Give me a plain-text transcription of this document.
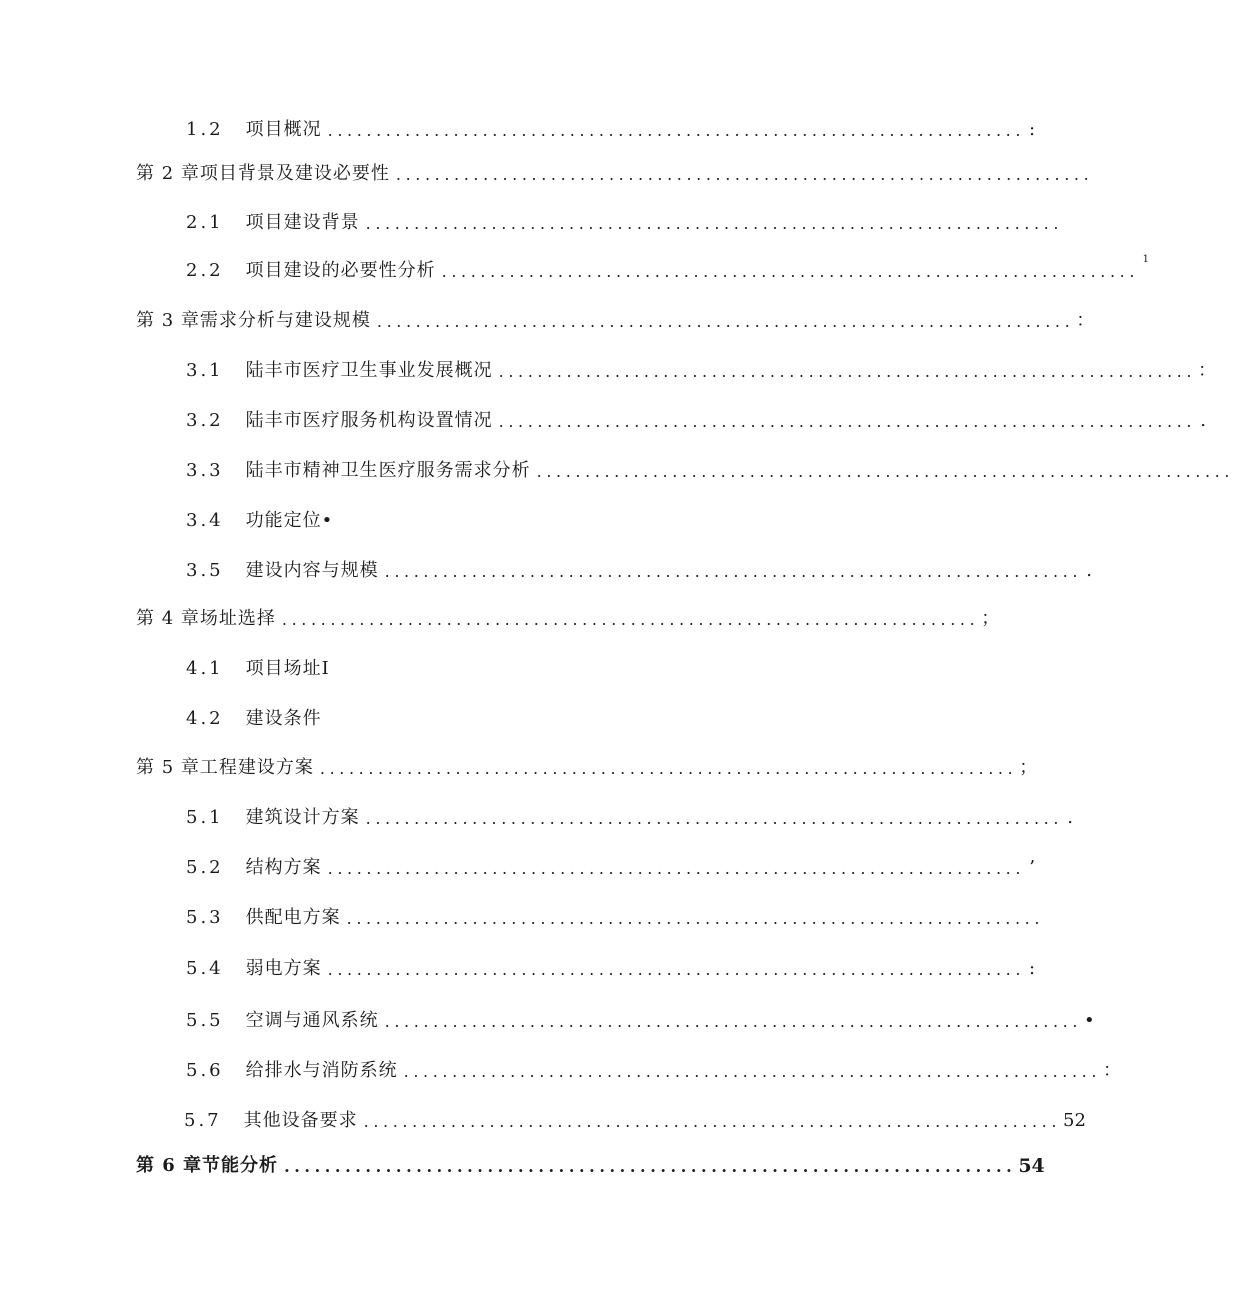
1.2 项目概况 ........................................................................ :
第 2 章项目背景及建设必要性 ........................................................................
2.1 项目建设背景 ........................................................................
2.2 项目建设的必要性分析 ........................................................................
1
第 3 章需求分析与建设规模 ........................................................................ ：
3.1 陆丰市医疗卫生事业发展概况 ........................................................................ ：
3.2 陆丰市医疗服务机构设置情况 ........................................................................ .
3.3 陆丰市精神卫生医疗服务需求分析 ........................................................................
3.4 功能定位•
3.5 建设内容与规模 ........................................................................ .
第 4 章场址选择 ........................................................................ ；
4.1 项目场址I
4.2 建设条件
第 5 章工程建设方案 ........................................................................ ；
5.1 建筑设计方案 ........................................................................ .
5.2 结构方案 ........................................................................ ’
5.3 供配电方案 ........................................................................
5.4 弱电方案 ........................................................................ :
5.5 空调与通风系统 ........................................................................ •
5.6 给排水与消防系统 ........................................................................ ：
5.7 其他设备要求 ........................................................................ 52
第 6 章节能分析 ........................................................................ 54
